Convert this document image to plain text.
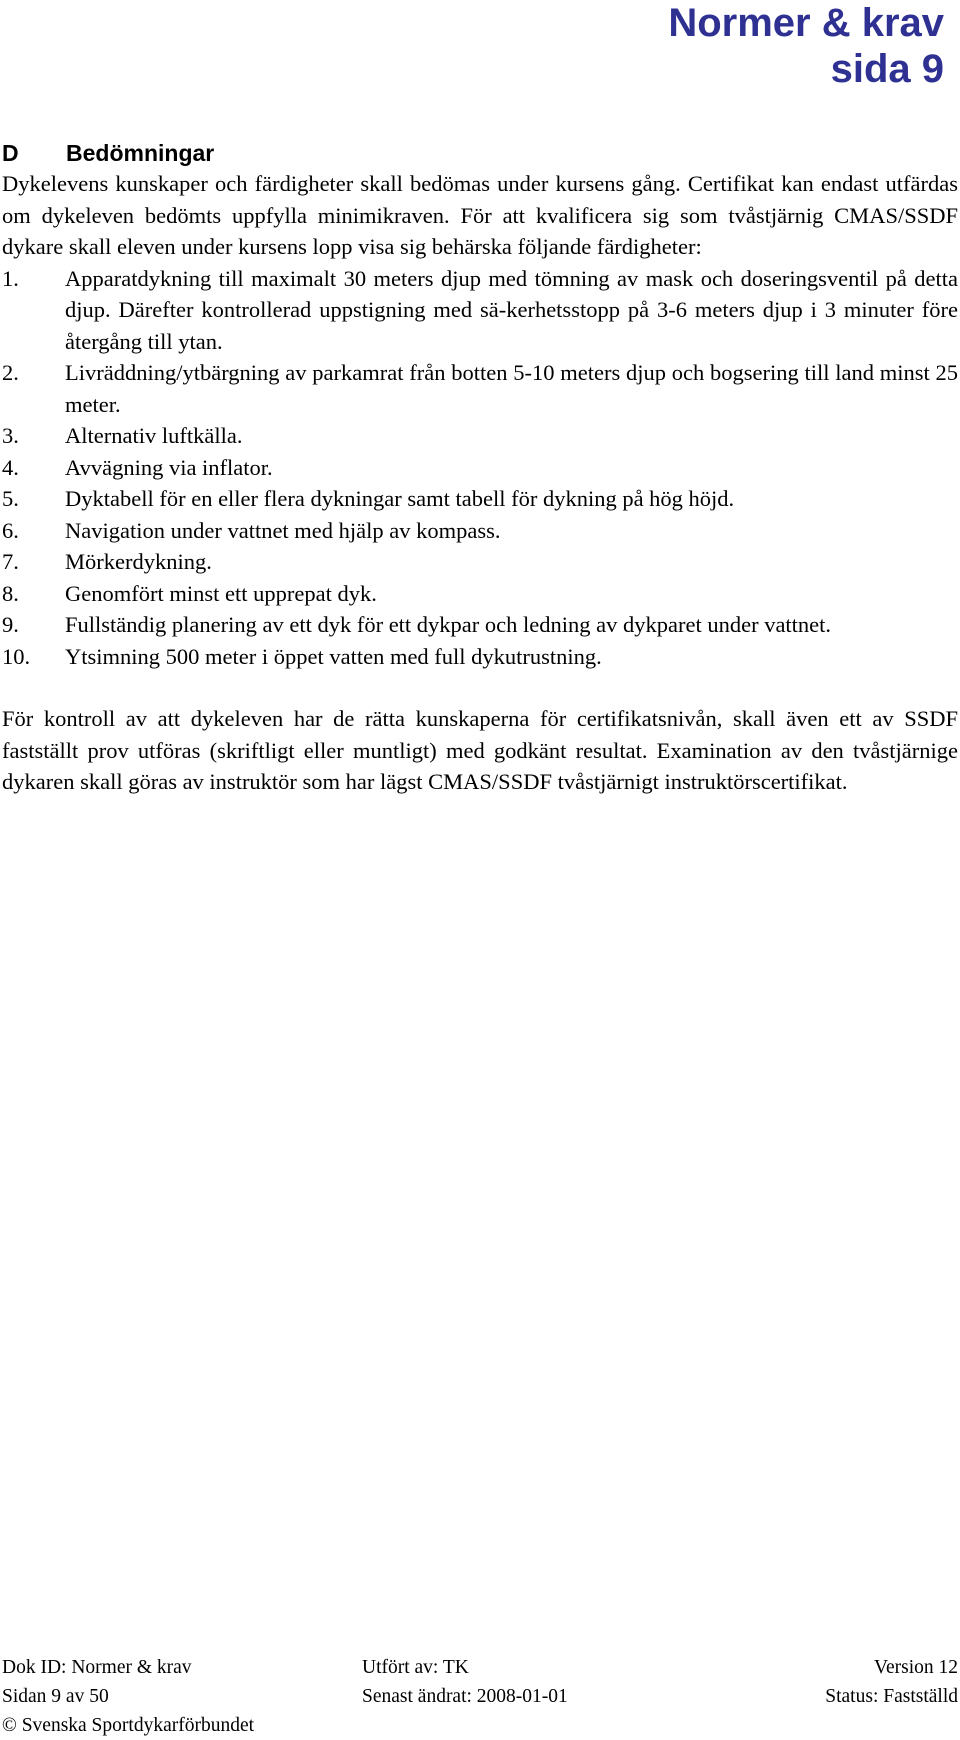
Normer & krav
sida 9
D Bedömningar

Dykelevens kunskaper och färdigheter skall bedömas under kursens gång. Certifikat kan endast utfärdas om dykeleven bedömts uppfylla minimikraven. För att kvalificera sig som tvåstjärnig CMAS/SSDF dykare skall eleven under kursens lopp visa sig behärska följande färdigheter:

1. Apparatdykning till maximalt 30 meters djup med tömning av mask och doseringsventil på detta djup. Därefter kontrollerad uppstigning med sä-kerhetsstopp på 3-6 meters djup i 3 minuter före återgång till ytan.
2. Livräddning/ytbärgning av parkamrat från botten 5-10 meters djup och bogsering till land minst 25 meter.
3. Alternativ luftkälla.
4. Avvägning via inflator.
5. Dyktabell för en eller flera dykningar samt tabell för dykning på hög höjd.
6. Navigation under vattnet med hjälp av kompass.
7. Mörkerdykning.
8. Genomfört minst ett upprepat dyk.
9. Fullständig planering av ett dyk för ett dykpar och ledning av dykparet under vattnet.
10. Ytsimning 500 meter i öppet vatten med full dykutrustning.

För kontroll av att dykeleven har de rätta kunskaperna för certifikatsnivån, skall även ett av SSDF fastställt prov utföras (skriftligt eller muntligt) med godkänt resultat. Examination av den tvåstjärnige dykaren skall göras av instruktör som har lägst CMAS/SSDF tvåstjärnigt instruktörscertifikat.

Dok ID: Normer & krav	Utfört av: TK	Version 12
Sidan 9 av 50	Senast ändrat: 2008-01-01	Status: Fastställd
© Svenska Sportdykarförbundet
